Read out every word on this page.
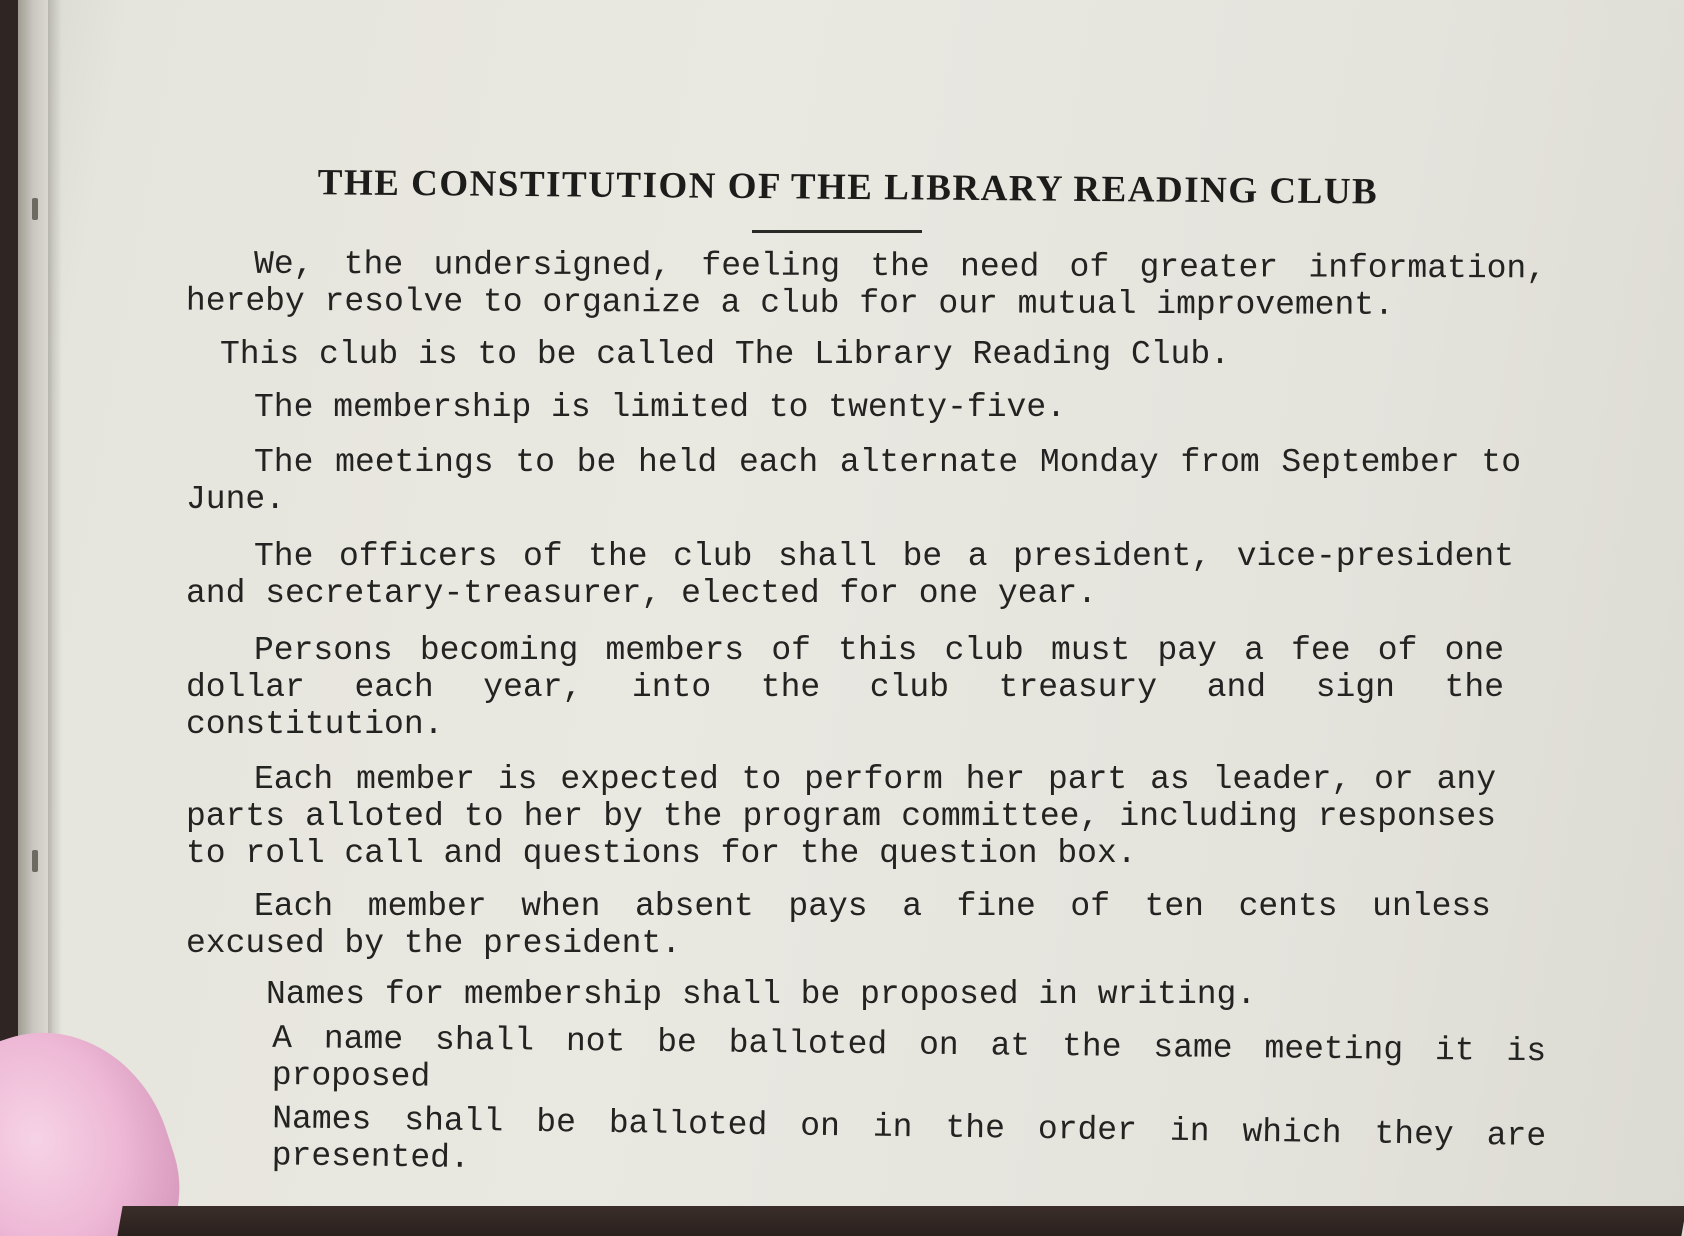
THE CONSTITUTION OF THE LIBRARY READING CLUB

We, the undersigned, feeling the need of greater information, hereby resolve to organize a club for our mutual improvement.

This club is to be called The Library Reading Club.

The membership is limited to twenty-five.

The meetings to be held each alternate Monday from September to June.

The officers of the club shall be a president, vice-president and secretary-treasurer, elected for one year.

Persons becoming members of this club must pay a fee of one dollar each year, into the club treasury and sign the constitution.

Each member is expected to perform her part as leader, or any parts alloted to her by the program committee, including responses to roll call and questions for the question box.

Each member when absent pays a fine of ten cents unless excused by the president.

Names for membership shall be proposed in writing.

A name shall not be balloted on at the same meeting it is proposed

Names shall be balloted on in the order in which they are presented.
